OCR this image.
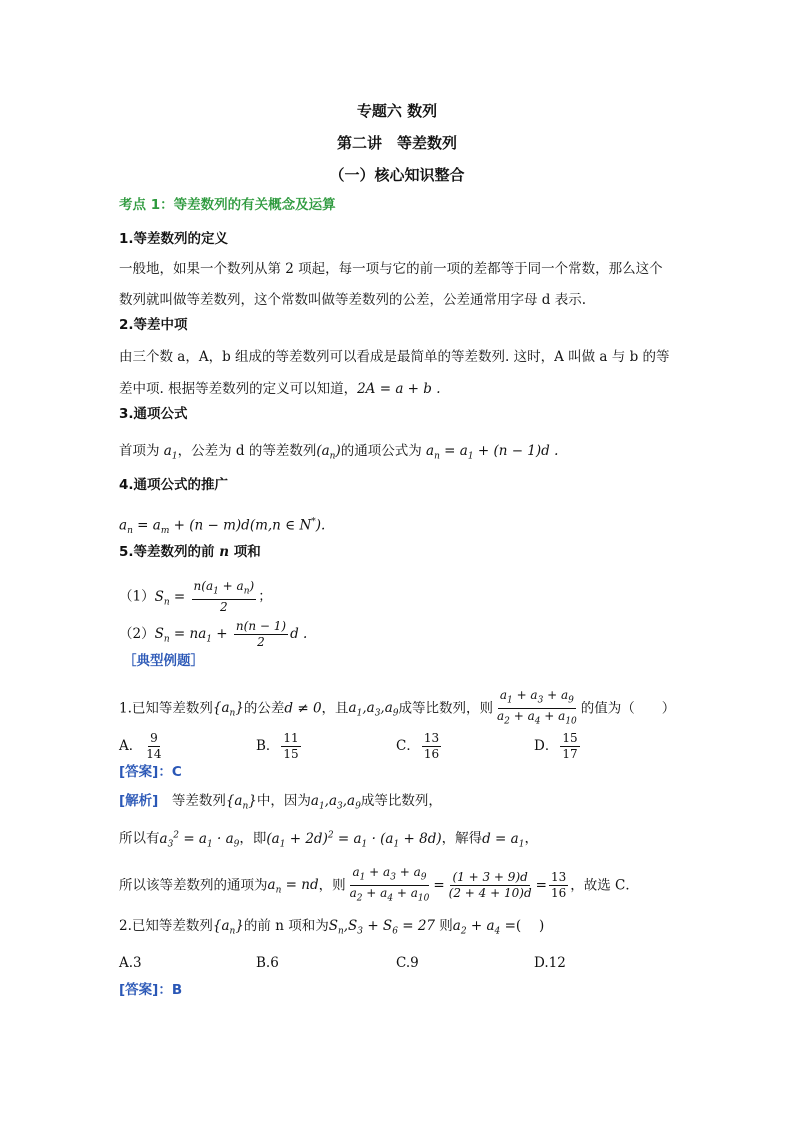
专题六 数列
第二讲　等差数列
（一）核心知识整合
考点 1：等差数列的有关概念及运算
1.等差数列的定义
一般地，如果一个数列从第 2 项起，每一项与它的前一项的差都等于同一个常数，那么这个
数列就叫做等差数列，这个常数叫做等差数列的公差，公差通常用字母 d 表示.
2.等差中项
由三个数 a，A，b 组成的等差数列可以看成是最简单的等差数列. 这时，A 叫做 a 与 b 的等
差中项. 根据等差数列的定义可以知道，2A = a + b .
3.通项公式
首项为 $a_1$，公差为 d 的等差数列$(a_n)$的通项公式为 $a_n = a_1 + (n - 1)d$ .
4.通项公式的推广
$a_n = a_m + (n - m)d(m,n$ ∈ N*).
5.等差数列的前 n 项和
$(1)S_n = \frac{n(a_1 + a_n)}{2}$ ；
$(2)S_n = na_1 + \frac{n(n - 1)}{2}$ d .
［典型例题］
1.已知等差数列$\{a_n\}$的公差d ≠ 0，且$a_1,a_3,a_9$成等比数列，则 $\frac{a_1 + a_3 + a_9}{a_2 + a_4 + a_{10}}$ 的值为（　　）
A． $\frac{9}{14}$	B． $\frac{11}{15}$	C． $\frac{13}{16}$	D． $\frac{15}{17}$
[答案]：C
[解析]　等差数列$\{a_n\}$中，因为$a_1,a_3,a_9$成等比数列，
所以有$a_3^2 = a_1 \cdot a_9$，即$(a_1 + 2d)^2 = a_1 \cdot (a_1 + 8d)$，解得$d = a_1$，
所以该等差数列的通项为$a_n$ = nd，则 $\frac{a_1 + a_3 + a_9}{a_2 + a_4 + a_{10}} = \frac{(1 + 3 + 9)d}{(2 + 4 + 10)d} = \frac{13}{16}$ ，故选 C．
2.已知等差数列$\{a_n\}$的前 n 项和为$S_n,S_3 + S_6 = 27$ 则$a_2 + a_4$ =(　 )
A.3	B.6	C.9	D.12
[答案]：B
